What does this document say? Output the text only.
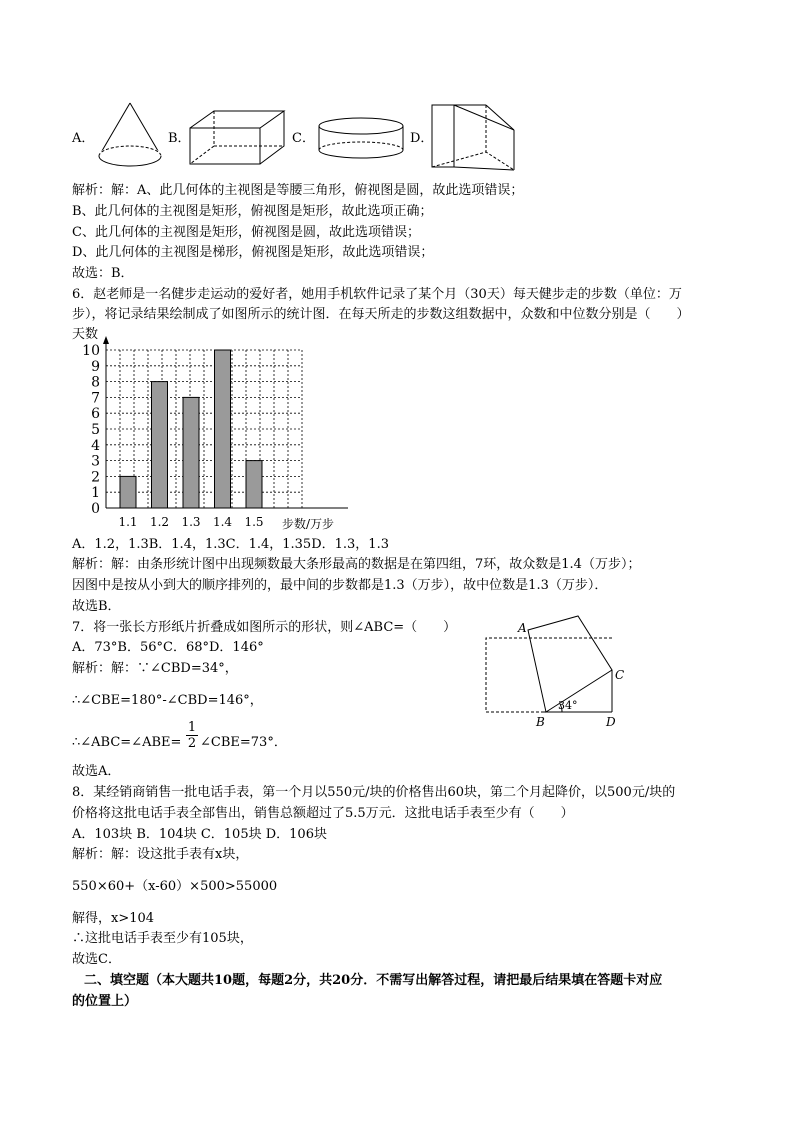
A．	B．	C．	D．
解析：解：A、此几何体的主视图是等腰三角形，俯视图是圆，故此选项错误；
B、此几何体的主视图是矩形，俯视图是矩形，故此选项正确；
C、此几何体的主视图是矩形，俯视图是圆，故此选项错误；
D、此几何体的主视图是梯形，俯视图是矩形，故此选项错误；
故选：B．
6．赵老师是一名健步走运动的爱好者，她用手机软件记录了某个月（30天）每天健步走的步数（单位：万
步），将记录结果绘制成了如图所示的统计图．在每天所走的步数这组数据中，众数和中位数分别是（　　）
天数
步数/万步
0
1
2
3
4
5
6
7
8
9
10
1.1 1.2 1.3 1.4 1.5
A．1.2，1.3B．1.4，1.3C．1.4，1.35D．1.3，1.3
解析：解：由条形统计图中出现频数最大条形最高的数据是在第四组，7环，故众数是1.4（万步）；
因图中是按从小到大的顺序排列的，最中间的步数都是1.3（万步），故中位数是1.3（万步）．
故选B．
7．将一张长方形纸片折叠成如图所示的形状，则∠ABC=（　　）
A．73°B．56°C．68°D．146°
解析：解：∵∠CBD=34°，
∴∠CBE=180°-∠CBD=146°，
∴∠ABC=∠ABE= $\frac{1}{2}$ ∠CBE=73°．
故选A．
A
C
B	D
34°
8．某经销商销售一批电话手表，第一个月以550元/块的价格售出60块，第二个月起降价，以500元/块的
价格将这批电话手表全部售出，销售总额超过了5.5万元．这批电话手表至少有（　　）
A．103块 B．104块 C．105块 D．106块
解析：解：设这批手表有x块，
550×60+（x-60）×500>55000
解得，x>104
∴这批电话手表至少有105块，
故选C．
二、填空题（本大题共10题，每题2分，共20分．不需写出解答过程，请把最后结果填在答题卡对应
的位置上）
